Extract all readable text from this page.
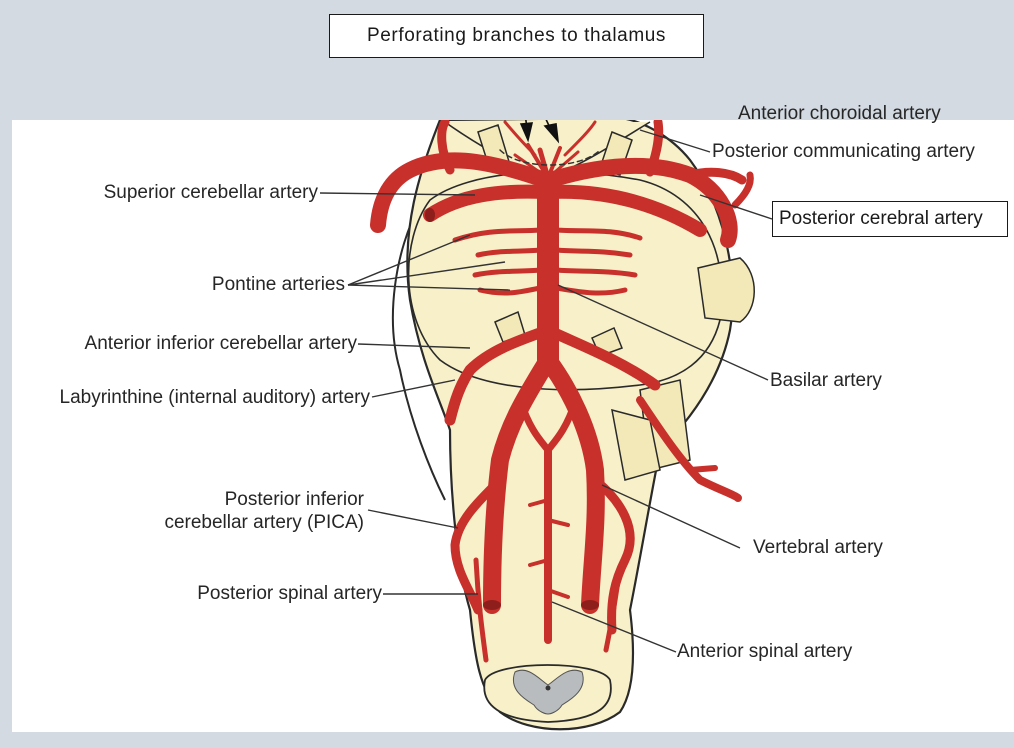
Perforating branches to thalamus
Anterior choroidal artery
Posterior communicating artery
Superior cerebellar artery
Posterior cerebral artery
Pontine arteries
Anterior inferior cerebellar artery
Basilar artery
Labyrinthine (internal auditory) artery
Posterior inferior
cerebellar artery (PICA)
Vertebral artery
Posterior spinal artery
Anterior spinal artery
